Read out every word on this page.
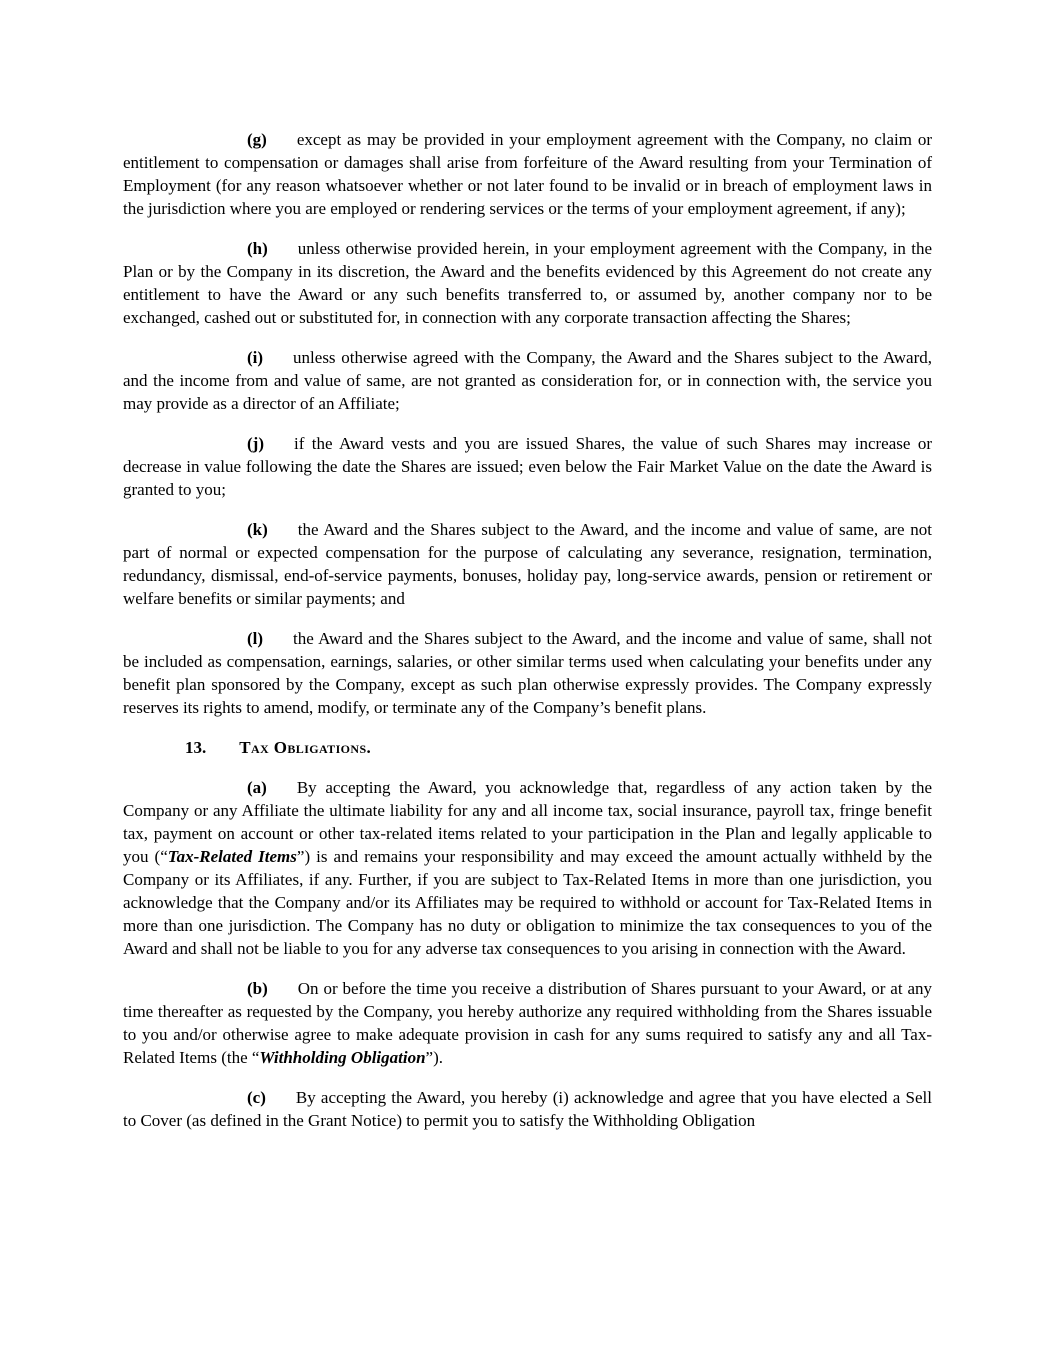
(g) except as may be provided in your employment agreement with the Company, no claim or entitlement to compensation or damages shall arise from forfeiture of the Award resulting from your Termination of Employment (for any reason whatsoever whether or not later found to be invalid or in breach of employment laws in the jurisdiction where you are employed or rendering services or the terms of your employment agreement, if any);

(h) unless otherwise provided herein, in your employment agreement with the Company, in the Plan or by the Company in its discretion, the Award and the benefits evidenced by this Agreement do not create any entitlement to have the Award or any such benefits transferred to, or assumed by, another company nor to be exchanged, cashed out or substituted for, in connection with any corporate transaction affecting the Shares;

(i) unless otherwise agreed with the Company, the Award and the Shares subject to the Award, and the income from and value of same, are not granted as consideration for, or in connection with, the service you may provide as a director of an Affiliate;

(j) if the Award vests and you are issued Shares, the value of such Shares may increase or decrease in value following the date the Shares are issued; even below the Fair Market Value on the date the Award is granted to you;

(k) the Award and the Shares subject to the Award, and the income and value of same, are not part of normal or expected compensation for the purpose of calculating any severance, resignation, termination, redundancy, dismissal, end-of-service payments, bonuses, holiday pay, long-service awards, pension or retirement or welfare benefits or similar payments; and

(l) the Award and the Shares subject to the Award, and the income and value of same, shall not be included as compensation, earnings, salaries, or other similar terms used when calculating your benefits under any benefit plan sponsored by the Company, except as such plan otherwise expressly provides. The Company expressly reserves its rights to amend, modify, or terminate any of the Company’s benefit plans.

13. Tax Obligations.

(a) By accepting the Award, you acknowledge that, regardless of any action taken by the Company or any Affiliate the ultimate liability for any and all income tax, social insurance, payroll tax, fringe benefit tax, payment on account or other tax-related items related to your participation in the Plan and legally applicable to you (“Tax-Related Items”) is and remains your responsibility and may exceed the amount actually withheld by the Company or its Affiliates, if any. Further, if you are subject to Tax-Related Items in more than one jurisdiction, you acknowledge that the Company and/or its Affiliates may be required to withhold or account for Tax-Related Items in more than one jurisdiction. The Company has no duty or obligation to minimize the tax consequences to you of the Award and shall not be liable to you for any adverse tax consequences to you arising in connection with the Award.

(b) On or before the time you receive a distribution of Shares pursuant to your Award, or at any time thereafter as requested by the Company, you hereby authorize any required withholding from the Shares issuable to you and/or otherwise agree to make adequate provision in cash for any sums required to satisfy any and all Tax-Related Items (the “Withholding Obligation”).

(c) By accepting the Award, you hereby (i) acknowledge and agree that you have elected a Sell to Cover (as defined in the Grant Notice) to permit you to satisfy the Withholding Obligation
